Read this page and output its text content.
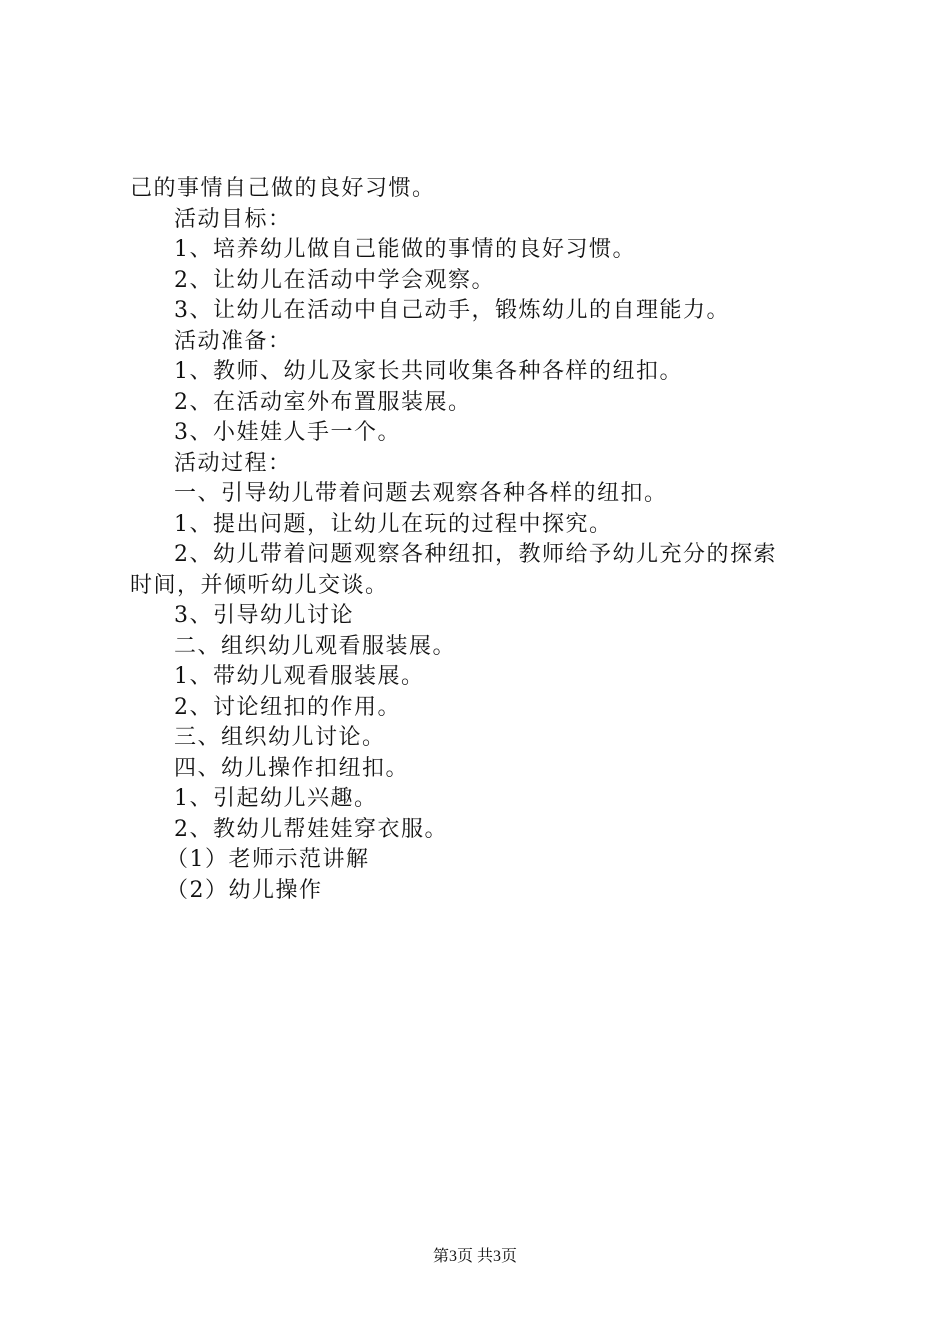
己的事情自己做的良好习惯。
活动目标：
1、培养幼儿做自己能做的事情的良好习惯。
2、让幼儿在活动中学会观察。
3、让幼儿在活动中自己动手，锻炼幼儿的自理能力。
活动准备：
1、教师、幼儿及家长共同收集各种各样的纽扣。
2、在活动室外布置服装展。
3、小娃娃人手一个。
活动过程：
一、引导幼儿带着问题去观察各种各样的纽扣。
1、提出问题，让幼儿在玩的过程中探究。
2、幼儿带着问题观察各种纽扣，教师给予幼儿充分的探索
时间，并倾听幼儿交谈。
3、引导幼儿讨论
二、组织幼儿观看服装展。
1、带幼儿观看服装展。
2、讨论纽扣的作用。
三、组织幼儿讨论。
四、幼儿操作扣纽扣。
1、引起幼儿兴趣。
2、教幼儿帮娃娃穿衣服。
（1）老师示范讲解
（2）幼儿操作
第3页 共3页
